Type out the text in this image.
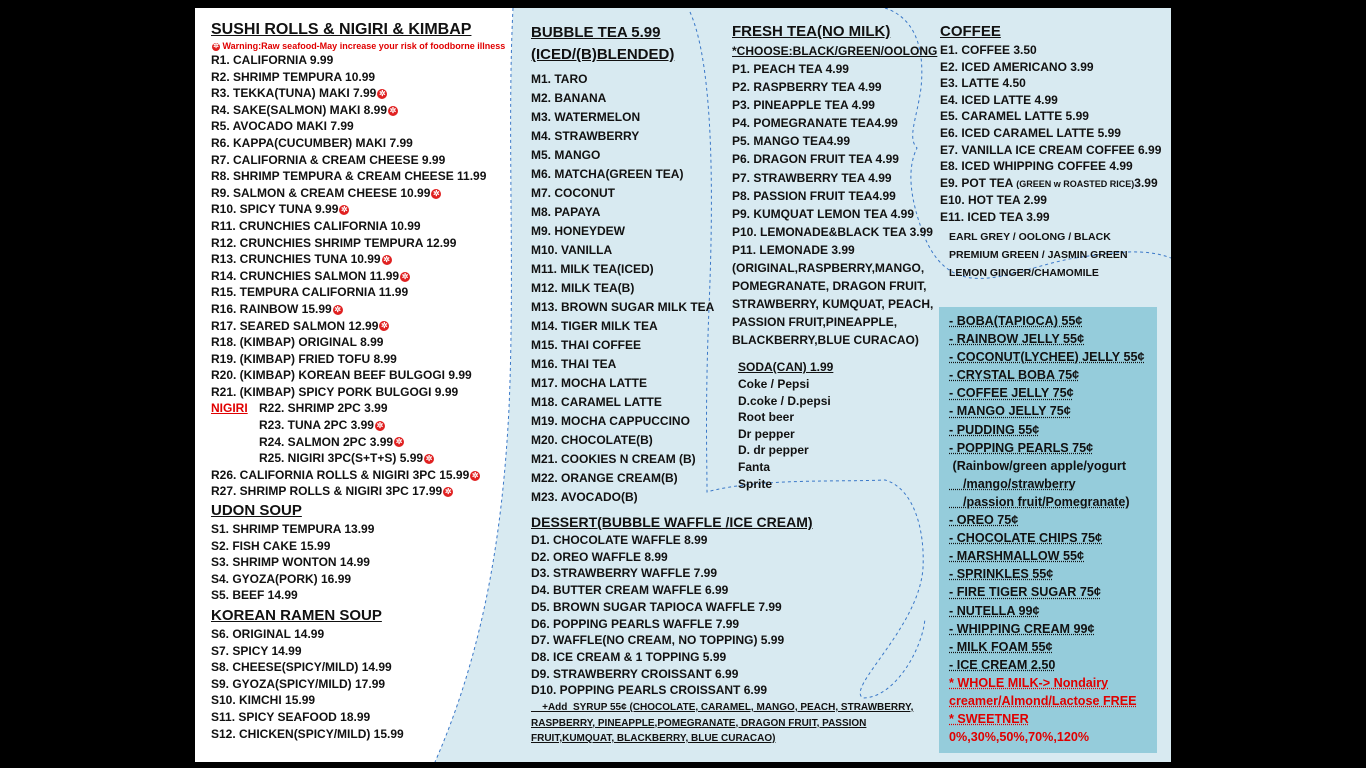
SUSHI ROLLS & NIGIRI & KIMBAP
✲ Warning:Raw seafood-May increase your risk of foodborne illness
R1. CALIFORNIA 9.99
R2. SHRIMP TEMPURA 10.99
R3. TEKKA(TUNA) MAKI 7.99 ✲
R4. SAKE(SALMON) MAKI 8.99 ✲
R5. AVOCADO MAKI 7.99
R6. KAPPA(CUCUMBER) MAKI 7.99
R7. CALIFORNIA & CREAM CHEESE 9.99
R8. SHRIMP TEMPURA & CREAM CHEESE 11.99
R9. SALMON & CREAM CHEESE 10.99 ✲
R10. SPICY TUNA 9.99 ✲
R11. CRUNCHIES CALIFORNIA 10.99
R12. CRUNCHIES SHRIMP TEMPURA 12.99
R13. CRUNCHIES TUNA 10.99 ✲
R14. CRUNCHIES SALMON 11.99 ✲
R15. TEMPURA CALIFORNIA 11.99
R16. RAINBOW 15.99 ✲
R17. SEARED SALMON 12.99 ✲
R18. (KIMBAP) ORIGINAL 8.99
R19. (KIMBAP) FRIED TOFU 8.99
R20. (KIMBAP) KOREAN BEEF BULGOGI 9.99
R21. (KIMBAP) SPICY PORK BULGOGI 9.99
NIGIRI R22. SHRIMP 2PC 3.99
R23. TUNA 2PC 3.99 ✲
R24. SALMON 2PC 3.99 ✲
R25. NIGIRI 3PC(S+T+S) 5.99 ✲
R26. CALIFORNIA ROLLS & NIGIRI 3PC 15.99 ✲
R27. SHRIMP ROLLS & NIGIRI 3PC 17.99 ✲
UDON SOUP
S1. SHRIMP TEMPURA 13.99
S2. FISH CAKE 15.99
S3. SHRIMP WONTON 14.99
S4. GYOZA(PORK) 16.99
S5. BEEF 14.99
KOREAN RAMEN SOUP
S6. ORIGINAL 14.99
S7. SPICY 14.99
S8. CHEESE(SPICY/MILD) 14.99
S9. GYOZA(SPICY/MILD) 17.99
S10. KIMCHI 15.99
S11. SPICY SEAFOOD 18.99
S12. CHICKEN(SPICY/MILD) 15.99
BUBBLE TEA 5.99
(ICED/(B)BLENDED)
M1. TARO
M2. BANANA
M3. WATERMELON
M4. STRAWBERRY
M5. MANGO
M6. MATCHA(GREEN TEA)
M7. COCONUT
M8. PAPAYA
M9. HONEYDEW
M10. VANILLA
M11. MILK TEA(ICED)
M12. MILK TEA(B)
M13. BROWN SUGAR MILK TEA
M14. TIGER MILK TEA
M15. THAI COFFEE
M16. THAI TEA
M17. MOCHA LATTE
M18. CARAMEL LATTE
M19. MOCHA CAPPUCCINO
M20. CHOCOLATE(B)
M21. COOKIES N CREAM (B)
M22. ORANGE CREAM(B)
M23. AVOCADO(B)
FRESH TEA(NO MILK)
*CHOOSE:BLACK/GREEN/OOLONG
P1. PEACH TEA 4.99
P2. RASPBERRY TEA 4.99
P3. PINEAPPLE TEA 4.99
P4. POMEGRANATE TEA4.99
P5. MANGO TEA4.99
P6. DRAGON FRUIT TEA 4.99
P7. STRAWBERRY TEA 4.99
P8. PASSION FRUIT TEA4.99
P9. KUMQUAT LEMON TEA 4.99
P10. LEMONADE&BLACK TEA 3.99
P11. LEMONADE 3.99
(ORIGINAL,RASPBERRY,MANGO,
POMEGRANATE, DRAGON FRUIT,
STRAWBERRY, KUMQUAT, PEACH,
PASSION FRUIT,PINEAPPLE,
BLACKBERRY,BLUE CURACAO)
SODA(CAN) 1.99
Coke / Pepsi
D.coke / D.pepsi
Root beer
Dr pepper
D. dr pepper
Fanta
Sprite
COFFEE
E1. COFFEE 3.50
E2. ICED AMERICANO 3.99
E3. LATTE 4.50
E4. ICED LATTE 4.99
E5. CARAMEL LATTE 5.99
E6. ICED CARAMEL LATTE 5.99
E7. VANILLA ICE CREAM COFFEE 6.99
E8. ICED WHIPPING COFFEE 4.99
E9. POT TEA (GREEN w ROASTED RICE)3.99
E10. HOT TEA 2.99
E11. ICED TEA 3.99
EARL GREY / OOLONG / BLACK
PREMIUM GREEN / JASMIN GREEN
LEMON GINGER/CHAMOMILE
- BOBA(TAPIOCA) 55¢
- RAINBOW JELLY 55¢
- COCONUT(LYCHEE) JELLY 55¢
- CRYSTAL BOBA 75¢
- COFFEE JELLY 75¢
- MANGO JELLY 75¢
- PUDDING 55¢
- POPPING PEARLS 75¢
(Rainbow/green apple/yogurt
/mango/strawberry
/passion fruit/Pomegranate)
- OREO 75¢
- CHOCOLATE CHIPS 75¢
- MARSHMALLOW 55¢
- SPRINKLES 55¢
- FIRE TIGER SUGAR 75¢
- NUTELLA 99¢
- WHIPPING CREAM 99¢
- MILK FOAM 55¢
- ICE CREAM 2.50
* WHOLE MILK-> Nondairy
creamer/Almond/Lactose FREE
* SWEETNER
0%,30%,50%,70%,120%
DESSERT(BUBBLE WAFFLE /ICE CREAM)
D1. CHOCOLATE WAFFLE 8.99
D2. OREO WAFFLE 8.99
D3. STRAWBERRY WAFFLE 7.99
D4. BUTTER CREAM WAFFLE 6.99
D5. BROWN SUGAR TAPIOCA WAFFLE 7.99
D6. POPPING PEARLS WAFFLE 7.99
D7. WAFFLE(NO CREAM, NO TOPPING) 5.99
D8. ICE CREAM & 1 TOPPING 5.99
D9. STRAWBERRY CROISSANT 6.99
D10. POPPING PEARLS CROISSANT 6.99
+Add  SYRUP 55¢ (CHOCOLATE, CARAMEL, MANGO, PEACH, STRAWBERRY,
RASPBERRY, PINEAPPLE,POMEGRANATE, DRAGON FRUIT, PASSION
FRUIT,KUMQUAT, BLACKBERRY, BLUE CURACAO)
